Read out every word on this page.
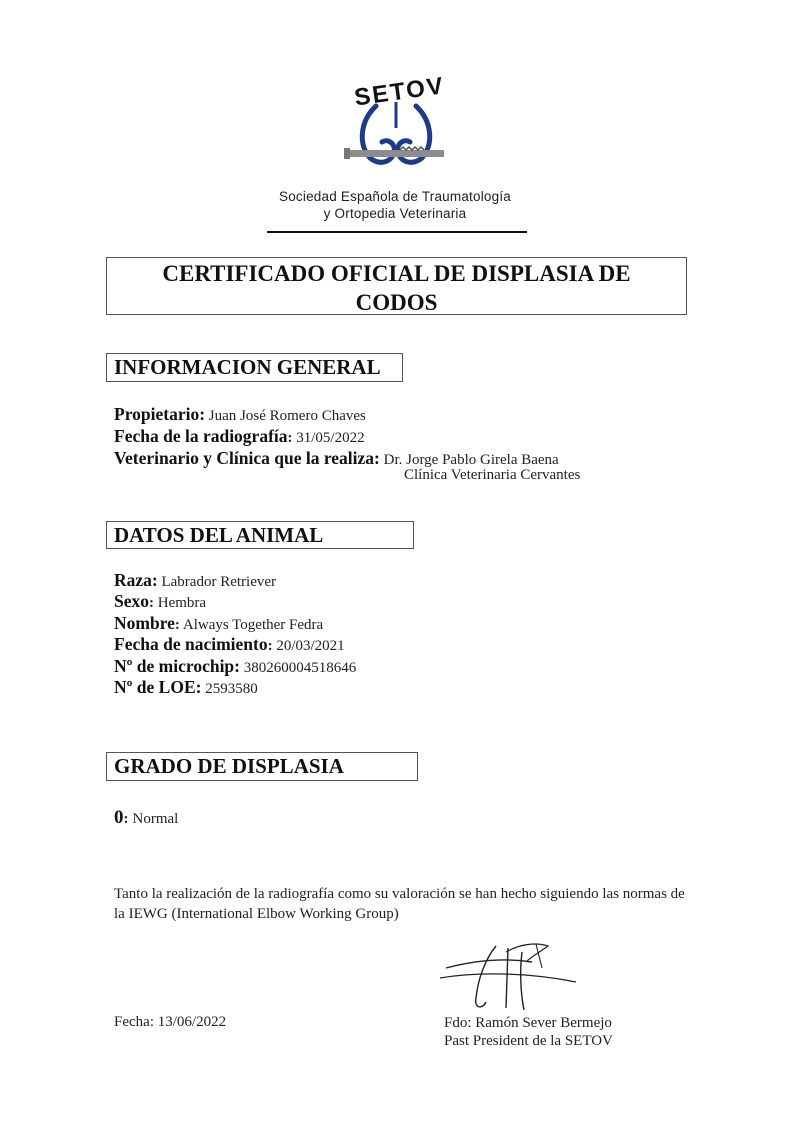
SETOV
Sociedad Española de Traumatología
y Ortopedia Veterinaria
CERTIFICADO OFICIAL DE DISPLASIA DE
CODOS
INFORMACION GENERAL
Propietario: Juan José Romero Chaves
Fecha de la radiografía: 31/05/2022
Veterinario y Clínica que la realiza: Dr. Jorge Pablo Girela Baena
Clínica Veterinaria Cervantes
DATOS DEL ANIMAL
Raza: Labrador Retriever
Sexo: Hembra
Nombre: Always Together Fedra
Fecha de nacimiento: 20/03/2021
Nº de microchip: 380260004518646
Nº de LOE: 2593580
GRADO DE DISPLASIA
0: Normal
Tanto la realización de la radiografía como su valoración se han hecho siguiendo las normas de la IEWG (International Elbow Working Group)
Fecha: 13/06/2022	Fdo: Ramón Sever Bermejo
Past President de la SETOV
